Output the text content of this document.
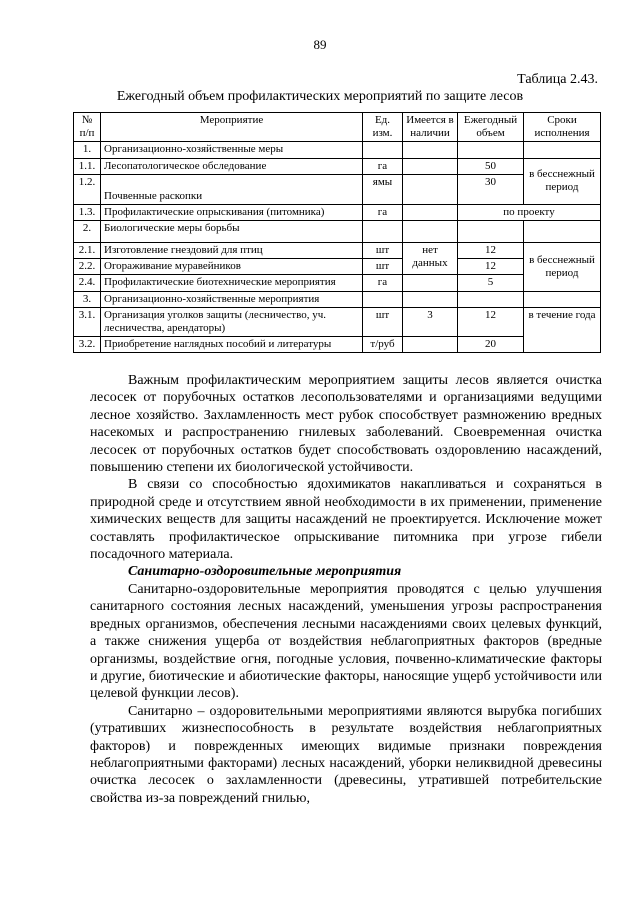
89
Таблица 2.43.
Ежегодный объем профилактических мероприятий по защите лесов
№ п/п	Мероприятие	Ед. изм.	Имеется в наличии	Ежегодный объем	Сроки исполнения
1.	Организационно-хозяйственные меры				
1.1.	Лесопатологическое обследование	га		50	в бесснежный период
1.2.	Почвенные раскопки	ямы		30	
1.3.	Профилактические опрыскивания (питомника)	га		по проекту	
2.	Биологические меры борьбы				
2.1.	Изготовление гнездовий для птиц	шт	нет данных	12	в бесснежный период
2.2.	Огораживание муравейников	шт		12	
2.4.	Профилактические биотехнические мероприятия	га		5	
3.	Организационно-хозяйственные мероприятия				
3.1.	Организация уголков защиты (лесничество, уч. лесничества, арендаторы)	шт	3	12	в течение года
3.2.	Приобретение наглядных пособий и литературы	т/руб		20	

Важным профилактическим мероприятием защиты лесов является очистка лесосек от порубочных остатков лесопользователями и организациями ведущими лесное хозяйство. Захламленность мест рубок способствует размножению вредных насекомых и распространению гнилевых заболеваний. Своевременная очистка лесосек от порубочных остатков будет способствовать оздоровлению насаждений, повышению степени их биологической устойчивости.

В связи со способностью ядохимикатов накапливаться и сохраняться в природной среде и отсутствием явной необходимости в их применении, применение химических веществ для защиты насаждений не проектируется. Исключение может составлять профилактическое опрыскивание питомника при угрозе гибели посадочного материала.

Санитарно-оздоровительные мероприятия

Санитарно-оздоровительные мероприятия проводятся с целью улучшения санитарного состояния лесных насаждений, уменьшения угрозы распространения вредных организмов, обеспечения лесными насаждениями своих целевых функций, а также снижения ущерба от воздействия неблагоприятных факторов (вредные организмы, воздействие огня, погодные условия, почвенно-климатические факторы и другие, биотические и абиотические факторы, наносящие ущерб устойчивости или целевой функции лесов).

Санитарно – оздоровительными мероприятиями являются вырубка погибших (утративших жизнеспособность в результате воздействия неблагоприятных факторов) и поврежденных имеющих видимые признаки повреждения неблагоприятными факторами) лесных насаждений, уборки неликвидной древесины очистка лесосек о захламленности (древесины, утратившей потребительские свойства из-за повреждений гнилью,
